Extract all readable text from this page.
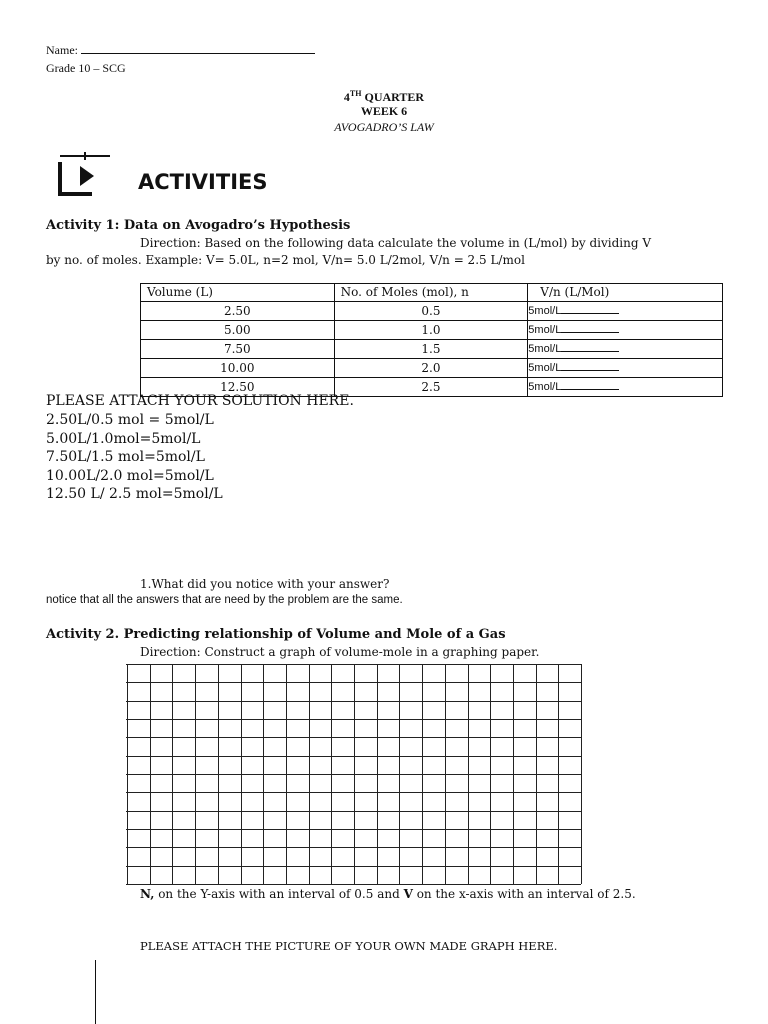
Name:
Grade 10 – SCG
4TH QUARTER
WEEK 6
AVOGADRO’S LAW
ACTIVITIES
Activity 1: Data on Avogadro’s Hypothesis
Direction: Based on the following data calculate the volume in (L/mol) by dividing V
by no. of moles. Example: V= 5.0L, n=2 mol, V/n= 5.0 L/2mol, V/n = 2.5 L/mol
Volume (L)	No. of Moles (mol), n	V/n (L/Mol)
2.50	0.5	5mol/L
5.00	1.0	5mol/L
7.50	1.5	5mol/L
10.00	2.0	5mol/L
12.50	2.5	5mol/L
PLEASE ATTACH YOUR SOLUTION HERE.
2.50L/0.5 mol = 5mol/L
5.00L/1.0mol=5mol/L
7.50L/1.5 mol=5mol/L
10.00L/2.0 mol=5mol/L
12.50 L/ 2.5 mol=5mol/L
1.What did you notice with your answer?
notice that all the answers that are need by the problem are the same.
Activity 2. Predicting relationship of Volume and Mole of a Gas
Direction: Construct a graph of volume-mole in a graphing paper.
N, on the Y-axis with an interval of 0.5 and V on the x-axis with an interval of 2.5.
PLEASE ATTACH THE PICTURE OF YOUR OWN MADE GRAPH HERE.
